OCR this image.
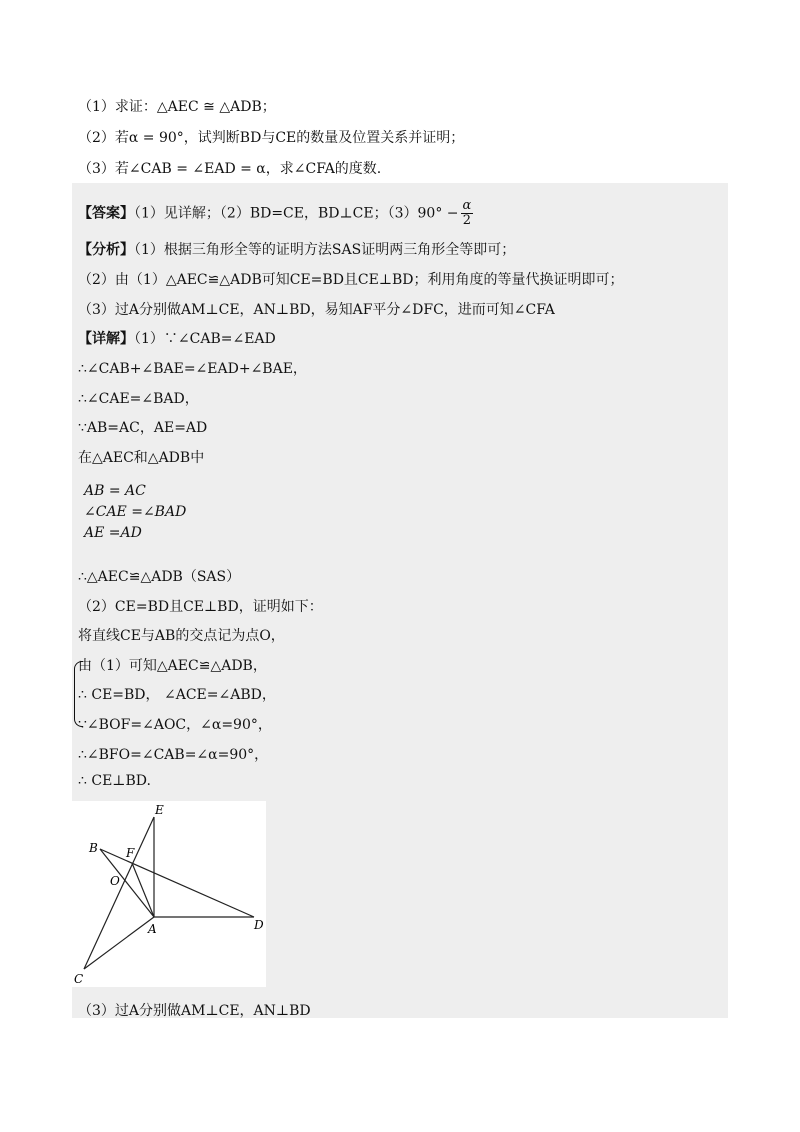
（1）求证：△AEC ≅ △ADB；
（2）若α = 90°，试判断BD与CE的数量及位置关系并证明；
（3）若∠CAB = ∠EAD = α，求∠CFA的度数.
【答案】（1）见详解；（2）BD=CE，BD⊥CE；$(3)90^\circ - \frac{\alpha}{2}$
【分析】（1）根据三角形全等的证明方法SAS证明两三角形全等即可；
（2）由（1）△AEC≌△ADB可知CE=BD且CE⊥BD；利用角度的等量代换证明即可；
（3）过A分别做AM⊥CE，AN⊥BD，易知AF平分∠DFC，进而可知∠CFA
【详解】（1）∵∠CAB=∠EAD
∴∠CAB+∠BAE=∠EAD+∠BAE，
∴∠CAE=∠BAD，
∵AB=AC，AE=AD
在△AEC和△ADB中
AB = AC
∠CAE =∠BAD
AE =AD
∴△AEC≌△ADB（SAS）
（2）CE=BD且CE⊥BD，证明如下：
将直线CE与AB的交点记为点O，
由（1）可知△AEC≌△ADB，
∴ CE=BD， ∠ACE=∠ABD，
∵∠BOF=∠AOC，∠α=90°，
∴∠BFO=∠CAB=∠α=90°，
∴ CE⊥BD.
E
B F
O
A	D
C
（3）过A分别做AM⊥CE，AN⊥BD
